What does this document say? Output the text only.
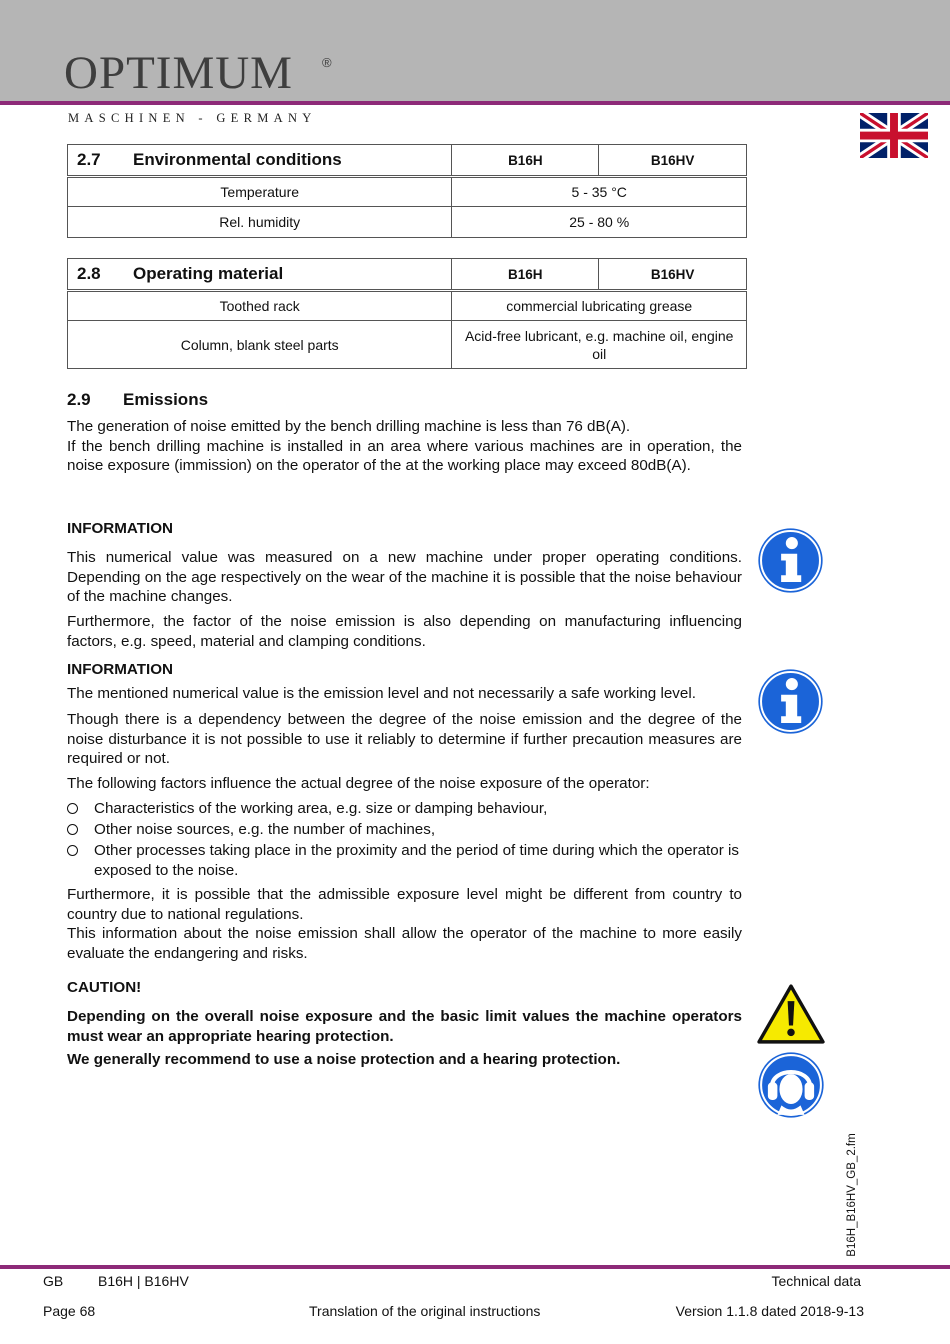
OPTIMUM ®
MASCHINEN - GERMANY
2.7 Environmental conditions	B16H	B16HV
Temperature	5 - 35 °C	
Rel. humidity	25 - 80 %	
2.8 Operating material	B16H	B16HV
Toothed rack	commercial lubricating grease	
Column, blank steel parts	Acid-free lubricant, e.g. machine oil, engine oil	
2.9 Emissions
The generation of noise emitted by the bench drilling machine is less than 76 dB(A).
If the bench drilling machine is installed in an area where various machines are in operation, the noise exposure (immission) on the operator of the at the working place may exceed 80dB(A).
INFORMATION
This numerical value was measured on a new machine under proper operating conditions. Depending on the age respectively on the wear of the machine it is possible that the noise behaviour of the machine changes.
Furthermore, the factor of the noise emission is also depending on manufacturing influencing factors, e.g. speed, material and clamping conditions.
INFORMATION
The mentioned numerical value is the emission level and not necessarily a safe working level.
Though there is a dependency between the degree of the noise emission and the degree of the noise disturbance it is not possible to use it reliably to determine if further precaution measures are required or not.
The following factors influence the actual degree of the noise exposure of the operator:
Characteristics of the working area, e.g. size or damping behaviour,
Other noise sources, e.g. the number of machines,
Other processes taking place in the proximity and the period of time during which the operator is exposed to the noise.
Furthermore, it is possible that the admissible exposure level might be different from country to country due to national regulations.
This information about the noise emission shall allow the operator of the machine to more easily evaluate the endangering and risks.
CAUTION!
Depending on the overall noise exposure and the basic limit values the machine operators must wear an appropriate hearing protection.
We generally recommend to use a noise protection and a hearing protection.
B16H_B16HV_GB_2.fm
GB B16H | B16HV	Technical data
Page 68	Translation of the original instructions	Version 1.1.8 dated 2018-9-13
